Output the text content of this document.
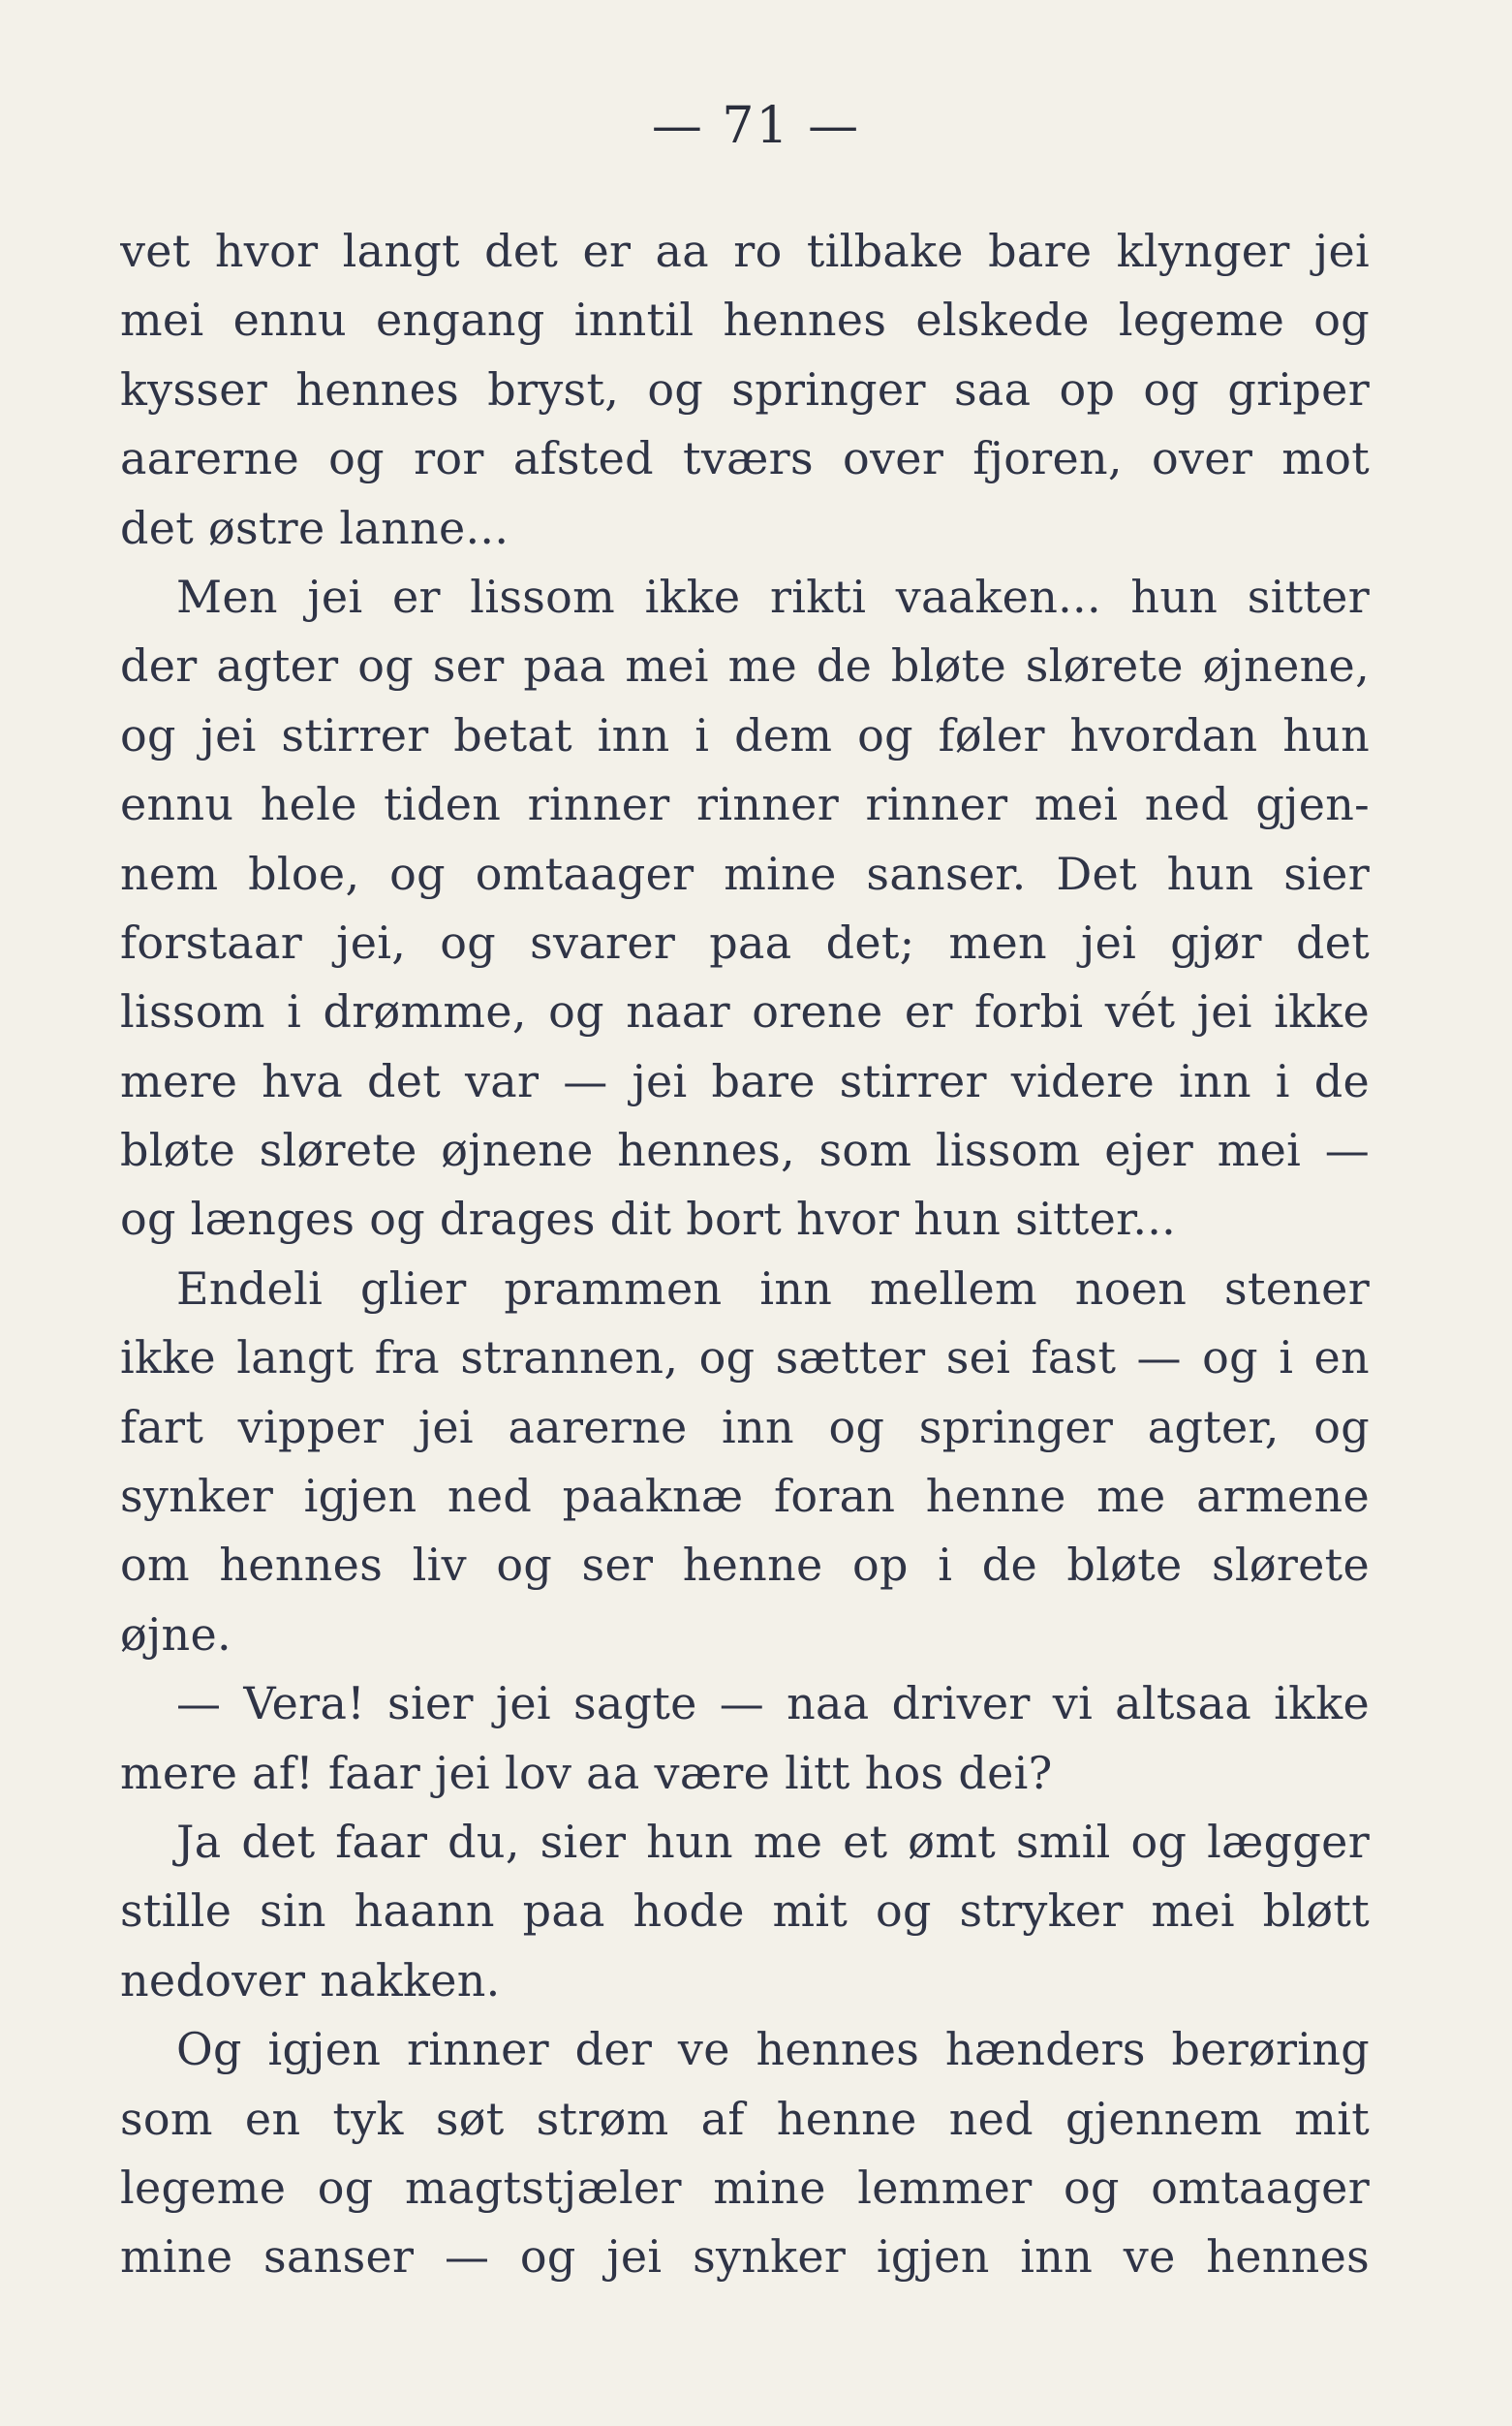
— 71 —
vet hvor langt det er aa ro tilbake bare klynger jei
mei ennu engang inntil hennes elskede legeme og
kysser hennes bryst, og springer saa op og griper
aarerne og ror afsted tværs over fjoren, over mot
det østre lanne...
Men jei er lissom ikke rikti vaaken... hun sitter
der agter og ser paa mei me de bløte sløretе øjnene,
og jei stirrer betat inn i dem og føler hvordan hun
ennu hele tiden rinner rinner rinner mei ned gjen-
nem bloe, og omtaager mine sanser. Det hun sier
forstaar jei, og svarer paa det; men jei gjør det
lissom i drømme, og naar orene er forbi vét jei ikke
mere hva det var — jei bare stirrer videre inn i de
bløte sløretе øjnene hennes, som lissom ejer mei —
og længes og drages dit bort hvor hun sitter...
Endeli glier prammen inn mellem noen stener
ikke langt fra strannen, og sætter sei fast — og i en
fart vipper jei aarerne inn og springer agter, og
synker igjen ned paaknæ foran henne me armene
om hennes liv og ser henne op i de bløte sløretе
øjne.
— Vera! sier jei sagte — naa driver vi altsaa ikke
mere af! faar jei lov aa være litt hos dei?
Ja det faar du, sier hun me et ømt smil og lægger
stille sin haann paa hode mit og stryker mei bløtt
nedover nakken.
Og igjen rinner der ve hennes hænders berøring
som en tyk søt strøm af henne ned gjennem mit
legeme og magtstjæler mine lemmer og omtaager
mine sanser — og jei synker igjen inn ve hennes
